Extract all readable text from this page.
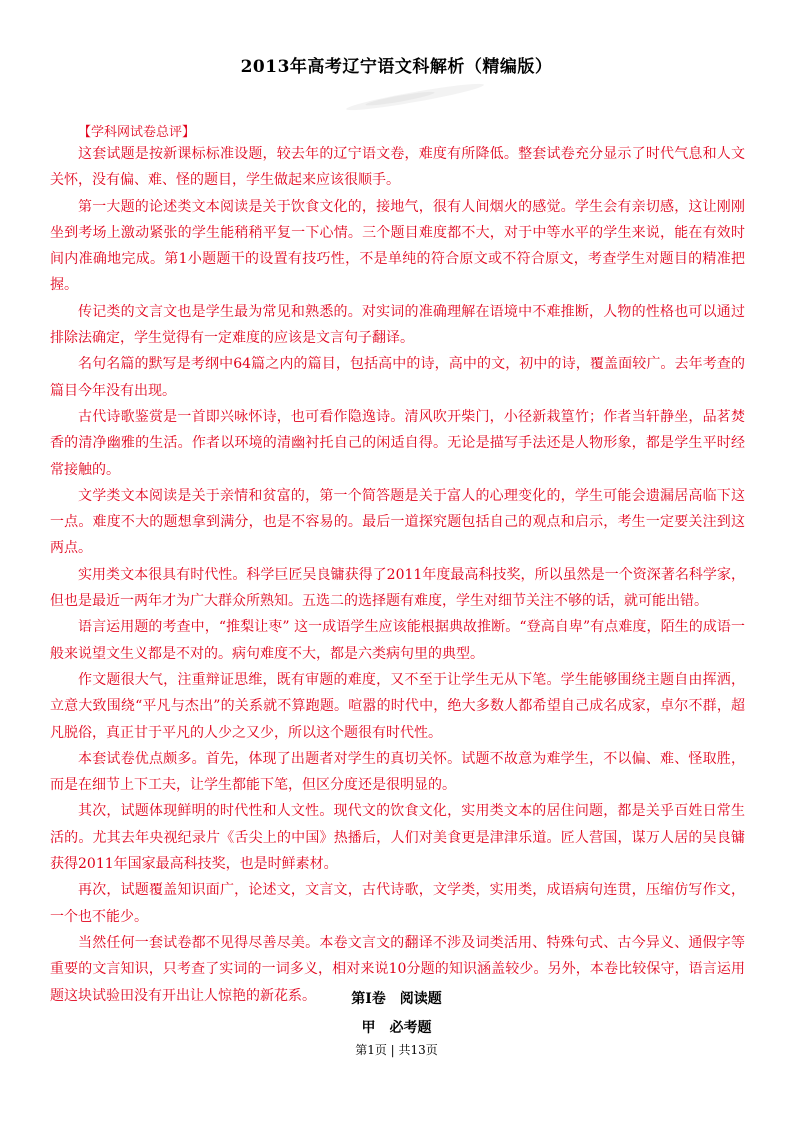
2013年高考辽宁语文科解析（精编版）
【学科网试卷总评】

这套试题是按新课标标准设题，较去年的辽宁语文卷，难度有所降低。整套试卷充分显示了时代气息和人文关怀，没有偏、难、怪的题目，学生做起来应该很顺手。

第一大题的论述类文本阅读是关于饮食文化的，接地气，很有人间烟火的感觉。学生会有亲切感，这让刚刚坐到考场上激动紧张的学生能稍稍平复一下心情。三个题目难度都不大，对于中等水平的学生来说，能在有效时间内准确地完成。第1小题题干的设置有技巧性，不是单纯的符合原文或不符合原文，考查学生对题目的精准把握。

传记类的文言文也是学生最为常见和熟悉的。对实词的准确理解在语境中不难推断，人物的性格也可以通过排除法确定，学生觉得有一定难度的应该是文言句子翻译。

名句名篇的默写是考纲中64篇之内的篇目，包括高中的诗，高中的文，初中的诗，覆盖面较广。去年考查的篇目今年没有出现。

古代诗歌鉴赏是一首即兴咏怀诗，也可看作隐逸诗。清风吹开柴门，小径新栽篁竹；作者当轩静坐，品茗焚香的清净幽雅的生活。作者以环境的清幽衬托自己的闲适自得。无论是描写手法还是人物形象，都是学生平时经常接触的。

文学类文本阅读是关于亲情和贫富的，第一个简答题是关于富人的心理变化的，学生可能会遗漏居高临下这一点。难度不大的题想拿到满分，也是不容易的。最后一道探究题包括自己的观点和启示，考生一定要关注到这两点。

实用类文本很具有时代性。科学巨匠吴良镛获得了2011年度最高科技奖，所以虽然是一个资深著名科学家，但也是最近一两年才为广大群众所熟知。五选二的选择题有难度，学生对细节关注不够的话，就可能出错。

语言运用题的考查中，“推梨让枣” 这一成语学生应该能根据典故推断。“登高自卑”有点难度，陌生的成语一般来说望文生义都是不对的。病句难度不大，都是六类病句里的典型。

作文题很大气，注重辩证思维，既有审题的难度，又不至于让学生无从下笔。学生能够围绕主题自由挥洒，立意大致围绕“平凡与杰出”的关系就不算跑题。喧嚣的时代中，绝大多数人都希望自己成名成家，卓尔不群，超凡脱俗，真正甘于平凡的人少之又少，所以这个题很有时代性。

本套试卷优点颇多。首先，体现了出题者对学生的真切关怀。试题不故意为难学生，不以偏、难、怪取胜，而是在细节上下工夫，让学生都能下笔，但区分度还是很明显的。

其次，试题体现鲜明的时代性和人文性。现代文的饮食文化，实用类文本的居住问题，都是关乎百姓日常生活的。尤其去年央视纪录片《舌尖上的中国》热播后，人们对美食更是津津乐道。匠人营国，谋万人居的吴良镛获得2011年国家最高科技奖，也是时鲜素材。

再次，试题覆盖知识面广，论述文，文言文，古代诗歌，文学类，实用类，成语病句连贯，压缩仿写作文，一个也不能少。

当然任何一套试卷都不见得尽善尽美。本卷文言文的翻译不涉及词类活用、特殊句式、古今异义、通假字等重要的文言知识，只考查了实词的一词多义，相对来说10分题的知识涵盖较少。另外，本卷比较保守，语言运用题这块试验田没有开出让人惊艳的新花系。	第Ⅰ卷　阅读题
甲　必考题
第1页 | 共13页
